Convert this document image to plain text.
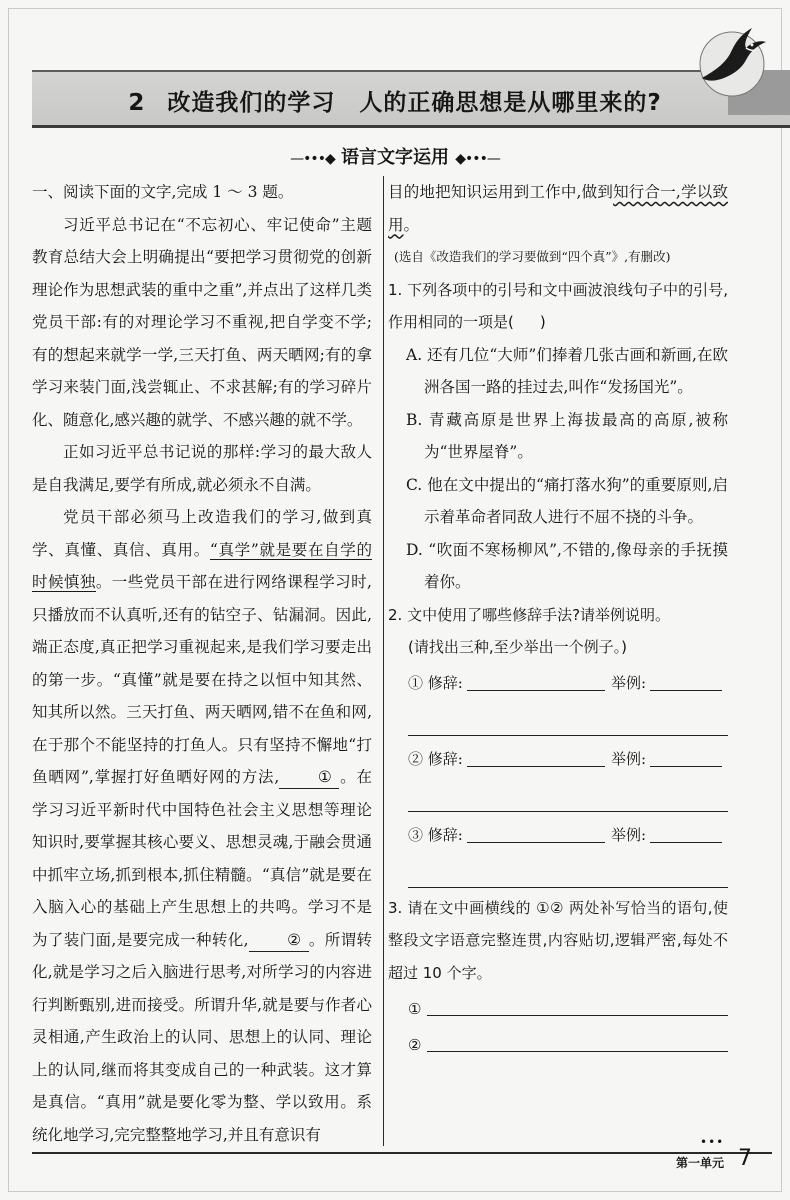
2 改造我们的学习　人的正确思想是从哪里来的?
—•••◆ 语言文字运用 ◆•••—

一、阅读下面的文字,完成 1 ～ 3 题。

习近平总书记在“不忘初心、牢记使命”主题教育总结大会上明确提出“要把学习贯彻党的创新理论作为思想武装的重中之重”,并点出了这样几类党员干部:有的对理论学习不重视,把自学变不学;有的想起来就学一学,三天打鱼、两天晒网;有的拿学习来装门面,浅尝辄止、不求甚解;有的学习碎片化、随意化,感兴趣的就学、不感兴趣的就不学。

正如习近平总书记说的那样:学习的最大敌人是自我满足,要学有所成,就必须永不自满。

党员干部必须马上改造我们的学习,做到真学、真懂、真信、真用。“真学”就是要在自学的时候慎独。一些党员干部在进行网络课程学习时,只播放而不认真听,还有的钻空子、钻漏洞。因此,端正态度,真正把学习重视起来,是我们学习要走出的第一步。“真懂”就是要在持之以恒中知其然、知其所以然。三天打鱼、两天晒网,错不在鱼和网,在于那个不能坚持的打鱼人。只有坚持不懈地“打鱼晒网”,掌握打好鱼晒好网的方法, ① 。在学习习近平新时代中国特色社会主义思想等理论知识时,要掌握其核心要义、思想灵魂,于融会贯通中抓牢立场,抓到根本,抓住精髓。“真信”就是要在入脑入心的基础上产生思想上的共鸣。学习不是为了装门面,是要完成一种转化, ② 。所谓转化,就是学习之后入脑进行思考,对所学习的内容进行判断甄别,进而接受。所谓升华,就是要与作者心灵相通,产生政治上的认同、思想上的认同、理论上的认同,继而将其变成自己的一种武装。这才算是真信。“真用”就是要化零为整、学以致用。系统化地学习,完完整整地学习,并且有意识有

目的地把知识运用到工作中,做到知行合一,学以致用。

(选自《改造我们的学习要做到“四个真”》,有删改)

1. 下列各项中的引号和文中画波浪线句子中的引号,作用相同的一项是( )

A. 还有几位“大师”们捧着几张古画和新画,在欧洲各国一路的挂过去,叫作“发扬国光”。

B. 青藏高原是世界上海拔最高的高原,被称为“世界屋脊”。

C. 他在文中提出的“痛打落水狗”的重要原则,启示着革命者同敌人进行不屈不挠的斗争。

D. “吹面不寒杨柳风”,不错的,像母亲的手抚摸着你。

2. 文中使用了哪些修辞手法?请举例说明。

(请找出三种,至少举出一个例子。)

① 修辞:	举例:
② 修辞:	举例:
③ 修辞:	举例:

3. 请在文中画横线的 ①② 两处补写恰当的语句,使整段文字语意完整连贯,内容贴切,逻辑严密,每处不超过 10 个字。

①
②
•••
第一单元 7
